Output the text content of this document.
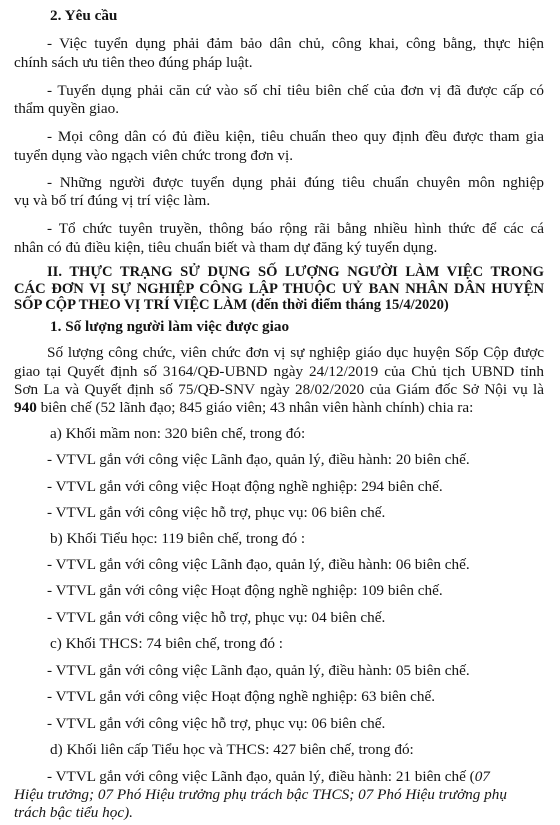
2. Yêu cầu
- Việc tuyển dụng phải đảm bảo dân chủ, công khai, công bằng, thực hiện
chính sách ưu tiên theo đúng pháp luật.
- Tuyển dụng phải căn cứ vào số chỉ tiêu biên chế của đơn vị đã được cấp có
thẩm quyền giao.
- Mọi công dân có đủ điều kiện, tiêu chuẩn theo quy định đều được tham gia
tuyển dụng vào ngạch viên chức trong đơn vị.
- Những người được tuyển dụng phải đúng tiêu chuẩn chuyên môn nghiệp
vụ và bố trí đúng vị trí việc làm.
- Tổ chức tuyên truyền, thông báo rộng rãi bằng nhiều hình thức để các cá
nhân có đủ điều kiện, tiêu chuẩn biết và tham dự đăng ký tuyển dụng.
II. THỰC TRẠNG SỬ DỤNG SỐ LƯỢNG NGƯỜI LÀM VIỆC TRONG
CÁC ĐƠN VỊ SỰ NGHIỆP CÔNG LẬP THUỘC UỶ BAN NHÂN DÂN HUYỆN
SỐP CỘP THEO VỊ TRÍ VIỆC LÀM (đến thời điểm tháng 15/4/2020)
1. Số lượng người làm việc được giao
Số lượng công chức, viên chức đơn vị sự nghiệp giáo dục huyện Sốp Cộp được
giao tại Quyết định số 3164/QĐ-UBND ngày 24/12/2019 của Chủ tịch UBND tỉnh
Sơn La và Quyết định số 75/QĐ-SNV ngày 28/02/2020 của Giám đốc Sở Nội vụ là
940 biên chế (52 lãnh đạo; 845 giáo viên; 43 nhân viên hành chính) chia ra:
a) Khối mầm non: 320 biên chế, trong đó:
- VTVL gắn với công việc Lãnh đạo, quản lý, điều hành: 20 biên chế.
- VTVL gắn với công việc Hoạt động nghề nghiệp: 294 biên chế.
- VTVL gắn với công việc hỗ trợ, phục vụ: 06 biên chế.
b) Khối Tiểu học: 119 biên chế, trong đó :
- VTVL gắn với công việc Lãnh đạo, quản lý, điều hành: 06 biên chế.
- VTVL gắn với công việc Hoạt động nghề nghiệp: 109 biên chế.
- VTVL gắn với công việc hỗ trợ, phục vụ: 04 biên chế.
c) Khối THCS: 74 biên chế, trong đó :
- VTVL gắn với công việc Lãnh đạo, quản lý, điều hành: 05 biên chế.
- VTVL gắn với công việc Hoạt động nghề nghiệp: 63 biên chế.
- VTVL gắn với công việc hỗ trợ, phục vụ: 06 biên chế.
d) Khối liên cấp Tiểu học và THCS: 427 biên chế, trong đó:
- VTVL gắn với công việc Lãnh đạo, quản lý, điều hành: 21 biên chế (07
Hiệu trưởng; 07 Phó Hiệu trưởng phụ trách bậc THCS; 07 Phó Hiệu trưởng phụ
trách bậc tiểu học).
